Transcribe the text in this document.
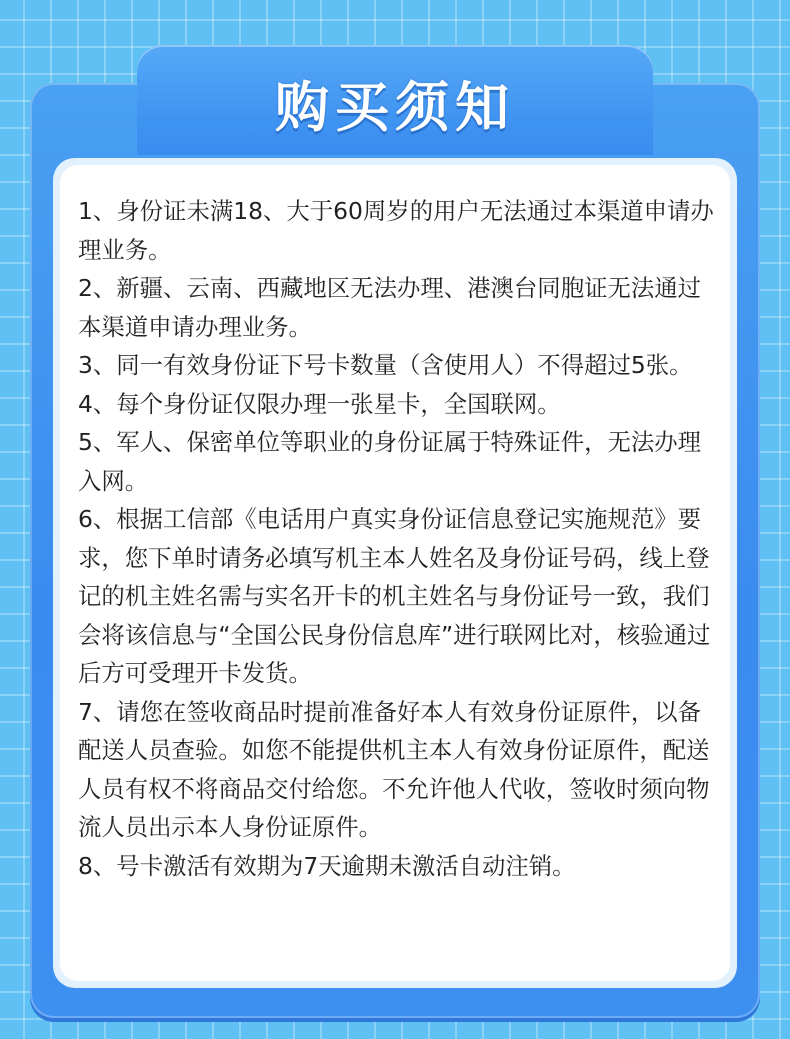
购买须知
1、身份证未满18、大于60周岁的用户无法通过本渠道申请办理业务。
2、新疆、云南、西藏地区无法办理、港澳台同胞证无法通过本渠道申请办理业务。
3、同一有效身份证下号卡数量（含使用人）不得超过5张。
4、每个身份证仅限办理一张星卡，全国联网。
5、军人、保密单位等职业的身份证属于特殊证件，无法办理入网。
6、根据工信部《电话用户真实身份证信息登记实施规范》要求，您下单时请务必填写机主本人姓名及身份证号码，线上登记的机主姓名需与实名开卡的机主姓名与身份证号一致，我们会将该信息与“全国公民身份信息库”进行联网比对，核验通过后方可受理开卡发货。
7、请您在签收商品时提前准备好本人有效身份证原件，以备配送人员查验。如您不能提供机主本人有效身份证原件，配送人员有权不将商品交付给您。不允许他人代收，签收时须向物流人员出示本人身份证原件。
8、号卡激活有效期为7天逾期未激活自动注销。
